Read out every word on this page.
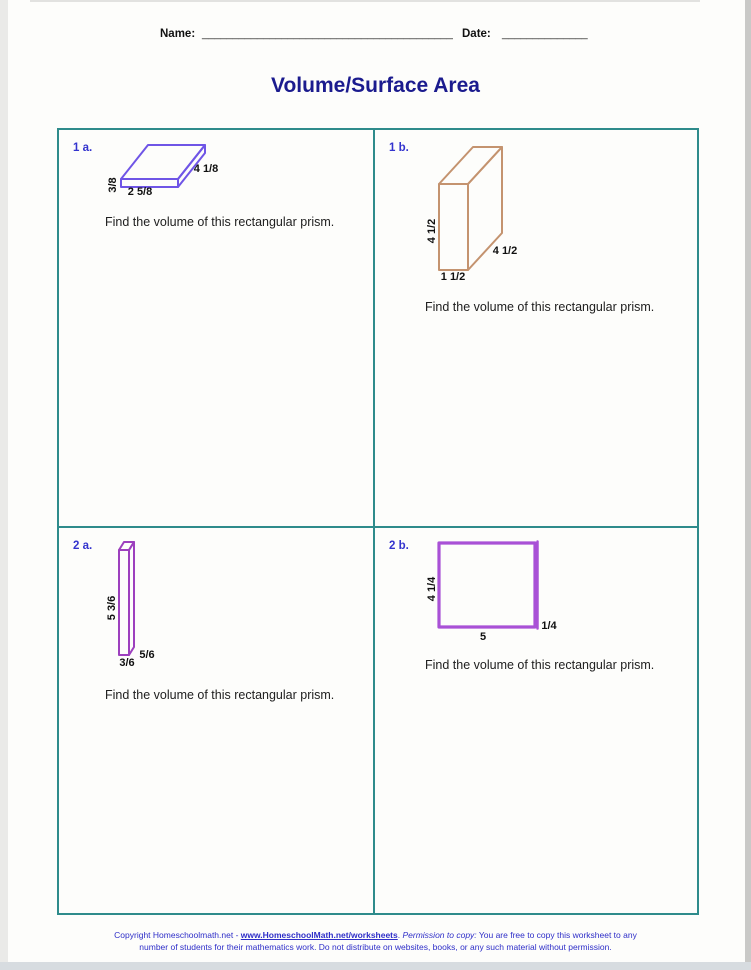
Name: _________________________________________ Date: ______________
Volume/Surface Area
1 a.
3/8 2 5/8
4 1/8
Find the volume of this rectangular prism.
1 b.
4 1/2
1 1/2
4 1/2
Find the volume of this rectangular prism.
2 a.
5 3/6
3/6
5/6
Find the volume of this rectangular prism.
2 b.
4 1/4
5
1/4
Find the volume of this rectangular prism.
Copyright Homeschoolmath.net - www.HomeschoolMath.net/worksheets. Permission to copy: You are free to copy this worksheet to any
number of students for their mathematics work. Do not distribute on websites, books, or any such material without permission.
